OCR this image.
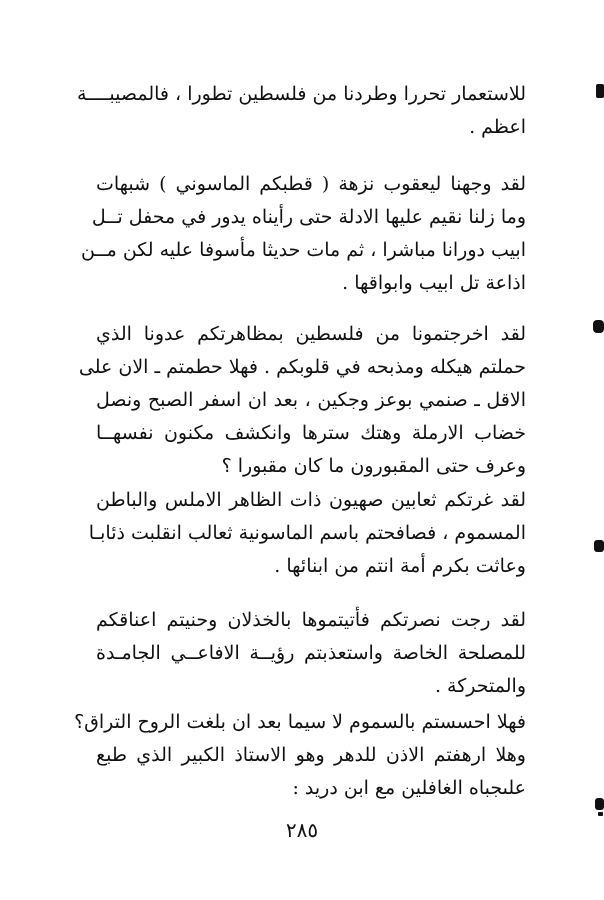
للاستعمار تحررا وطردنا من فلسطين تطورا ، فالمصيبــــة
اعظم .
لقد وجهنا ليعقوب نزهة ( قطبكم الماسوني ) شبهات
وما زلنا نقيم عليها الادلة حتى رأيناه يدور في محفل تــل
ابيب دورانا مباشرا ، ثم مات حديثا مأسوفا عليه لكن مــن
اذاعة تل ابيب وابواقها .
لقد اخرجتمونا من فلسطين بمظاهرتكم عدونا الذي
حملتم هيكله ومذبحه في قلوبكم . فهلا حطمتم ـ الان على
الاقل ـ صنمي بوعز وجكين ، بعد ان اسفر الصبح ونصل
خضاب الارملة وهتك سترها وانكشف مكنون نفسهــا
وعرف حتى المقبورون ما كان مقبورا ؟
لقد غرتكم ثعابين صهيون ذات الظاهر الاملس والباطن
المسموم ، فصافحتم باسم الماسونية ثعالب انقلبت ذئابـا
وعاثت بكرم أمة انتم من ابنائها .
لقد رجت نصرتكم فأتيتموها بالخذلان وحنيتم اعناقكم
للمصلحة الخاصة واستعذبتم رؤيــة الافاعــي الجامـدة
والمتحركة .
فهلا احسستم بالسموم لا سيما بعد ان بلغت الروح التراق؟
وهلا ارهفتم الاذن للدهر وهو الاستاذ الكبير الذي طبع
علىجباه الغافلين مع ابن دريد :
٢٨٥
